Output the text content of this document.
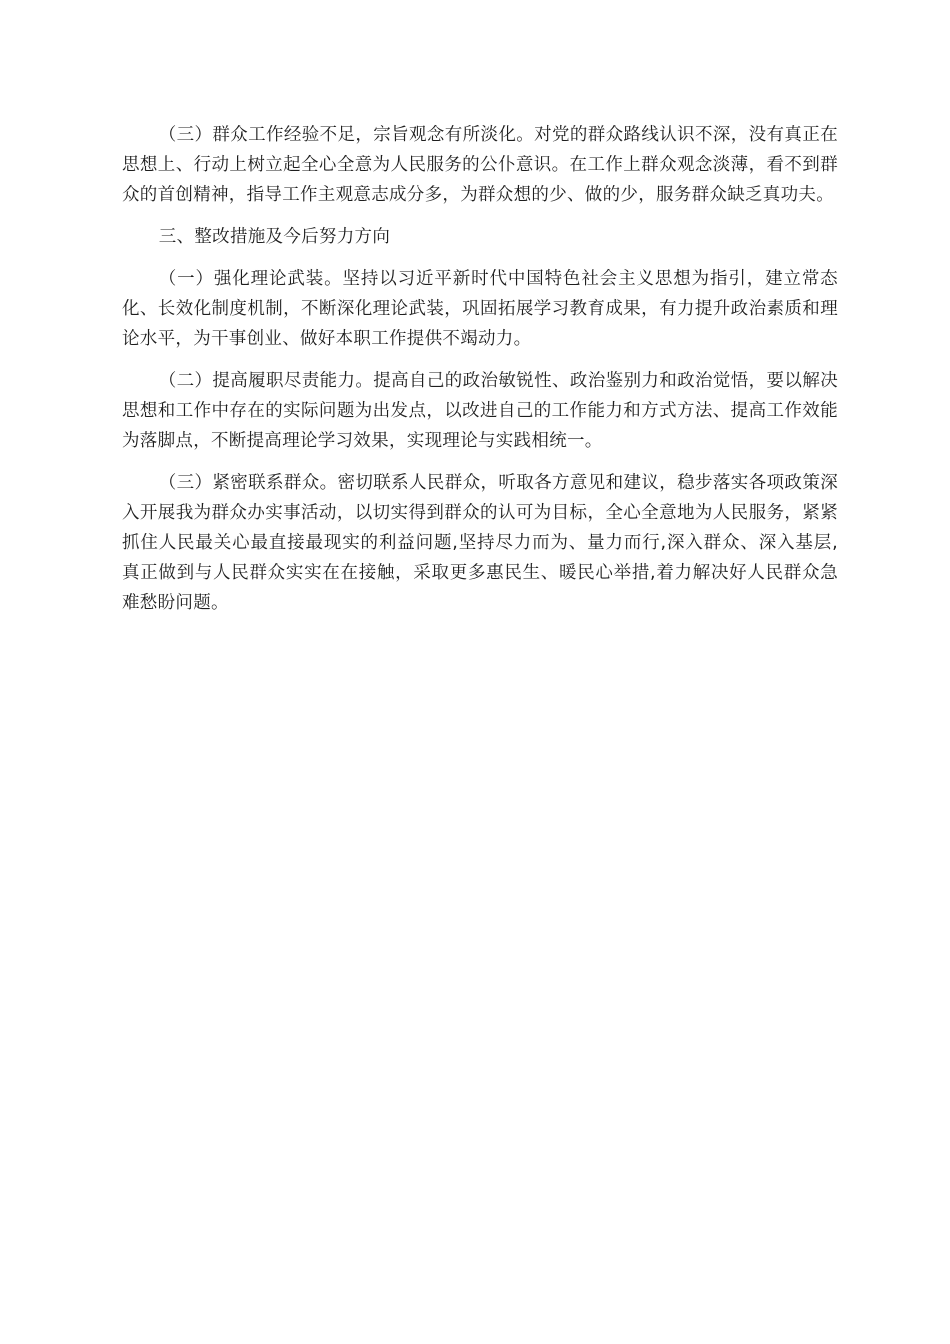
（三）群众工作经验不足，宗旨观念有所淡化。对党的群众路线认识不深，没有真正在思想上、行动上树立起全心全意为人民服务的公仆意识。在工作上群众观念淡薄，看不到群众的首创精神，指导工作主观意志成分多，为群众想的少、做的少，服务群众缺乏真功夫。

三、整改措施及今后努力方向

（一）强化理论武装。坚持以习近平新时代中国特色社会主义思想为指引，建立常态化、长效化制度机制，不断深化理论武装，巩固拓展学习教育成果，有力提升政治素质和理论水平，为干事创业、做好本职工作提供不竭动力。

（二）提高履职尽责能力。提高自己的政治敏锐性、政治鉴别力和政治觉悟，要以解决思想和工作中存在的实际问题为出发点，以改进自己的工作能力和方式方法、提高工作效能为落脚点，不断提高理论学习效果，实现理论与实践相统一。

（三）紧密联系群众。密切联系人民群众，听取各方意见和建议，稳步落实各项政策深入开展我为群众办实事活动，以切实得到群众的认可为目标，全心全意地为人民服务，紧紧抓住人民最关心最直接最现实的利益问题,坚持尽力而为、量力而行,深入群众、深入基层, 真正做到与人民群众实实在在接触，采取更多惠民生、暖民心举措,着力解决好人民群众急难愁盼问题。
